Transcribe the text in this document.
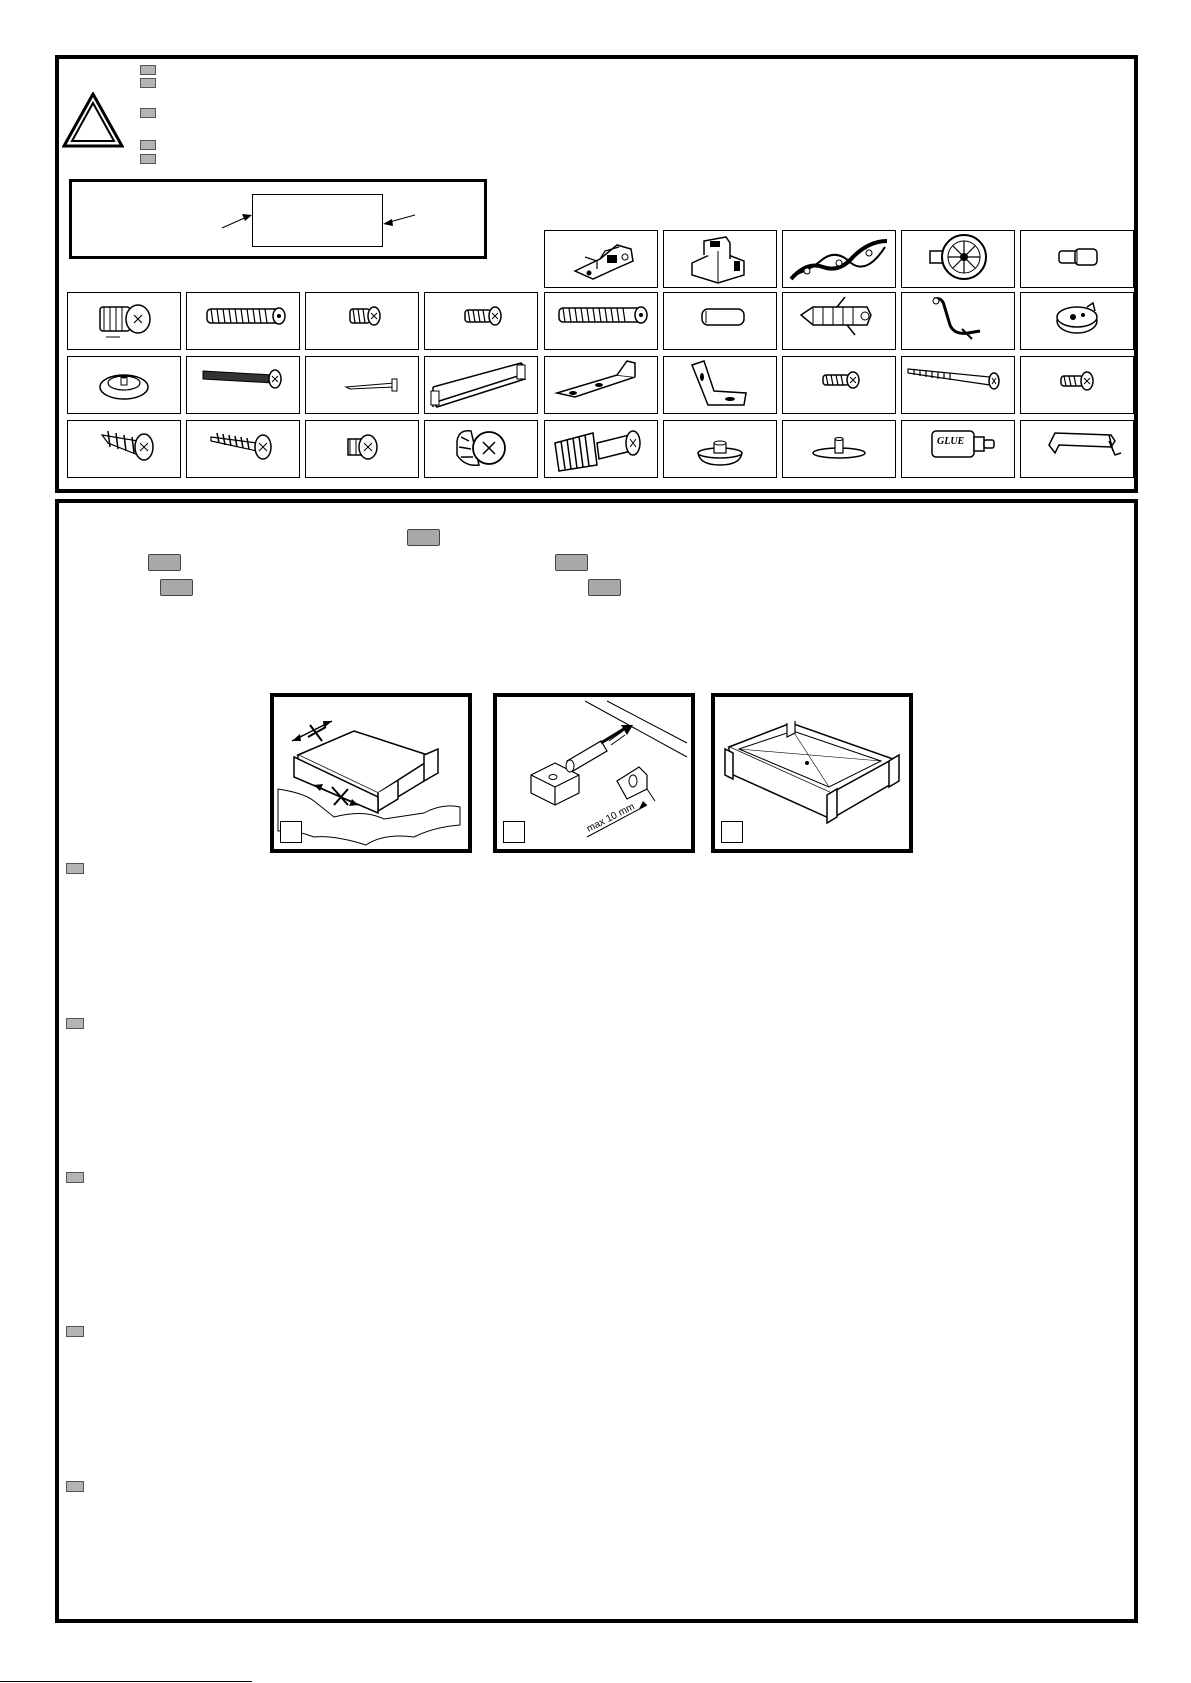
GLUE
max 10 mm
